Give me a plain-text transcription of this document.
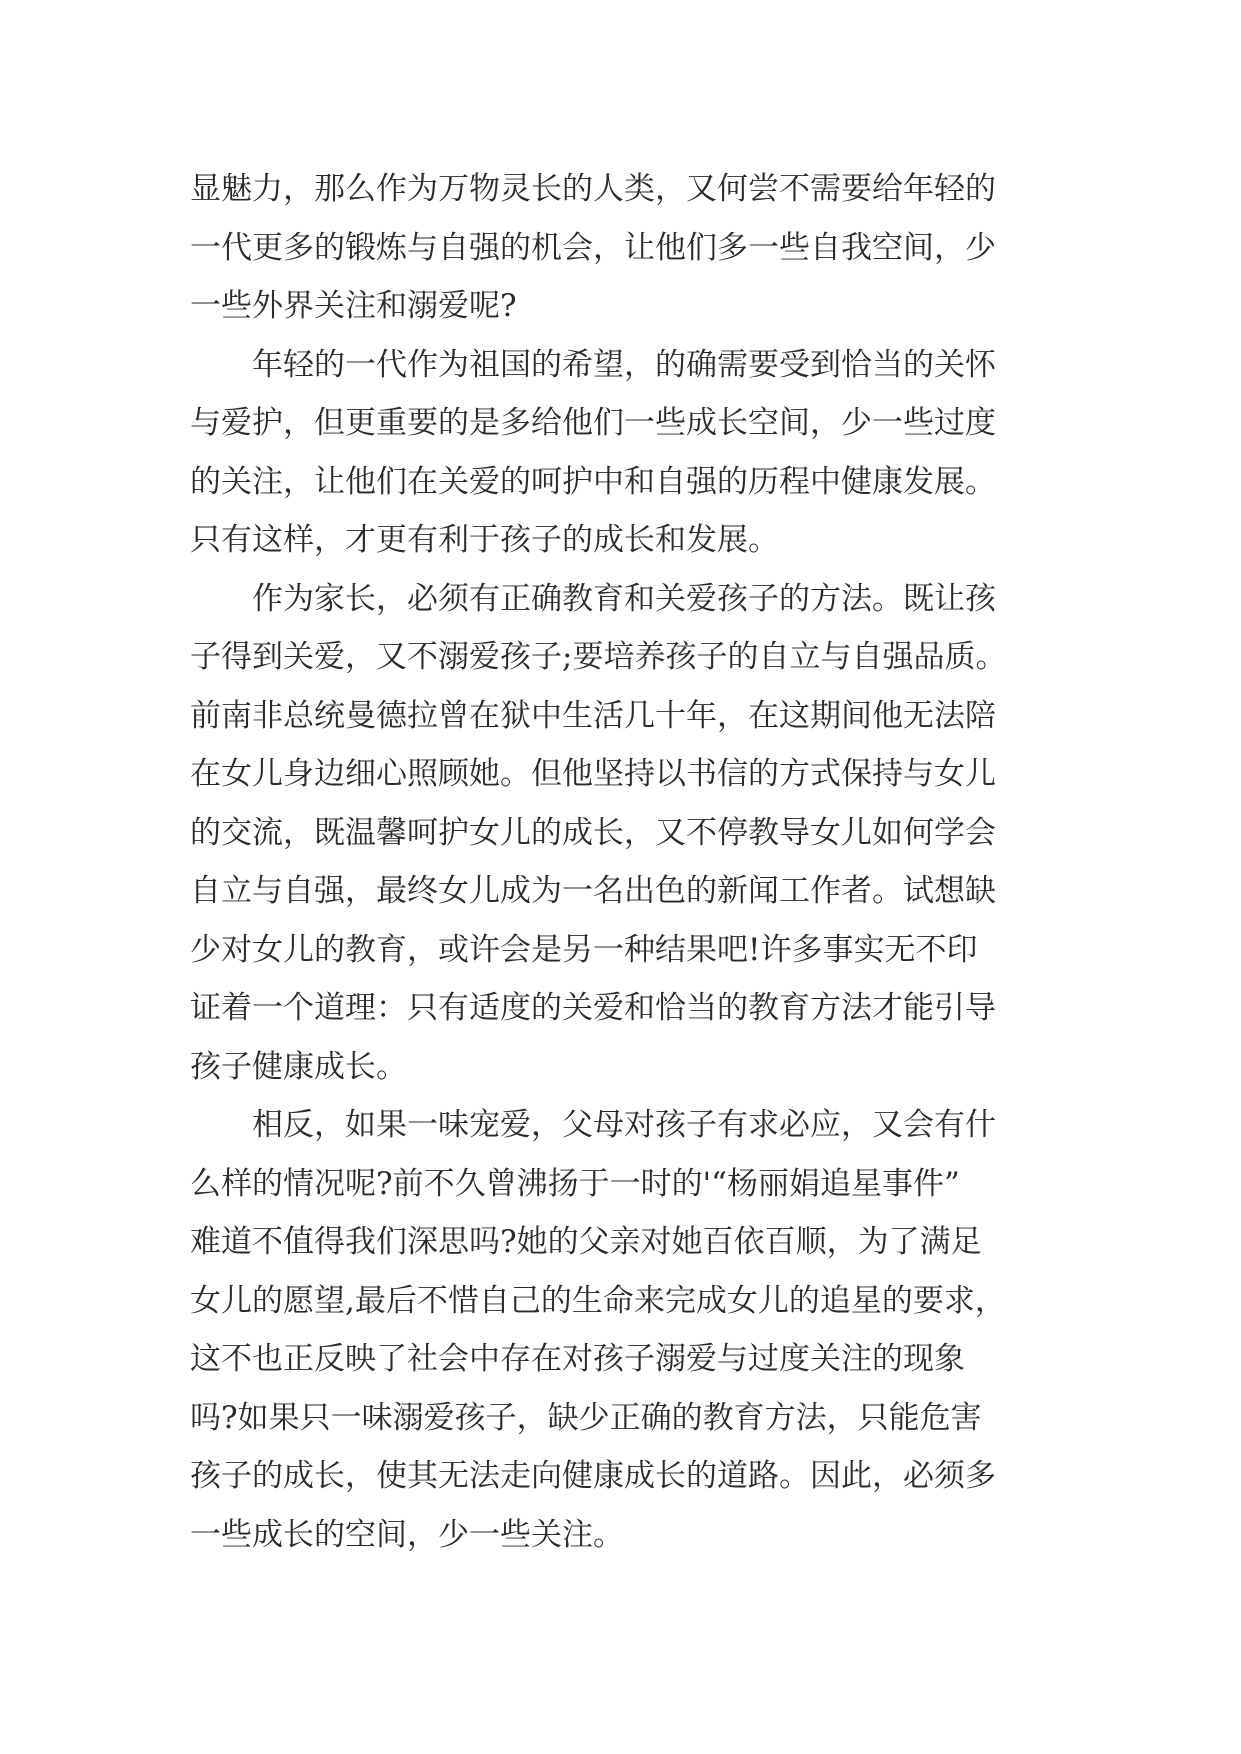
显魅力，那么作为万物灵长的人类，又何尝不需要给年轻的
一代更多的锻炼与自强的机会，让他们多一些自我空间，少
一些外界关注和溺爱呢?
年轻的一代作为祖国的希望，的确需要受到恰当的关怀
与爱护，但更重要的是多给他们一些成长空间，少一些过度
的关注，让他们在关爱的呵护中和自强的历程中健康发展。
只有这样，才更有利于孩子的成长和发展。
作为家长，必须有正确教育和关爱孩子的方法。既让孩
子得到关爱，又不溺爱孩子;要培养孩子的自立与自强品质。
前南非总统曼德拉曾在狱中生活几十年，在这期间他无法陪
在女儿身边细心照顾她。但他坚持以书信的方式保持与女儿
的交流，既温馨呵护女儿的成长，又不停教导女儿如何学会
自立与自强，最终女儿成为一名出色的新闻工作者。试想缺
少对女儿的教育，或许会是另一种结果吧!许多事实无不印
证着一个道理：只有适度的关爱和恰当的教育方法才能引导
孩子健康成长。
相反，如果一味宠爱，父母对孩子有求必应，又会有什
么样的情况呢?前不久曾沸扬于一时的'“杨丽娟追星事件”
难道不值得我们深思吗?她的父亲对她百依百顺，为了满足
女儿的愿望,最后不惜自己的生命来完成女儿的追星的要求，
这不也正反映了社会中存在对孩子溺爱与过度关注的现象
吗?如果只一味溺爱孩子，缺少正确的教育方法，只能危害
孩子的成长，使其无法走向健康成长的道路。因此，必须多
一些成长的空间，少一些关注。
